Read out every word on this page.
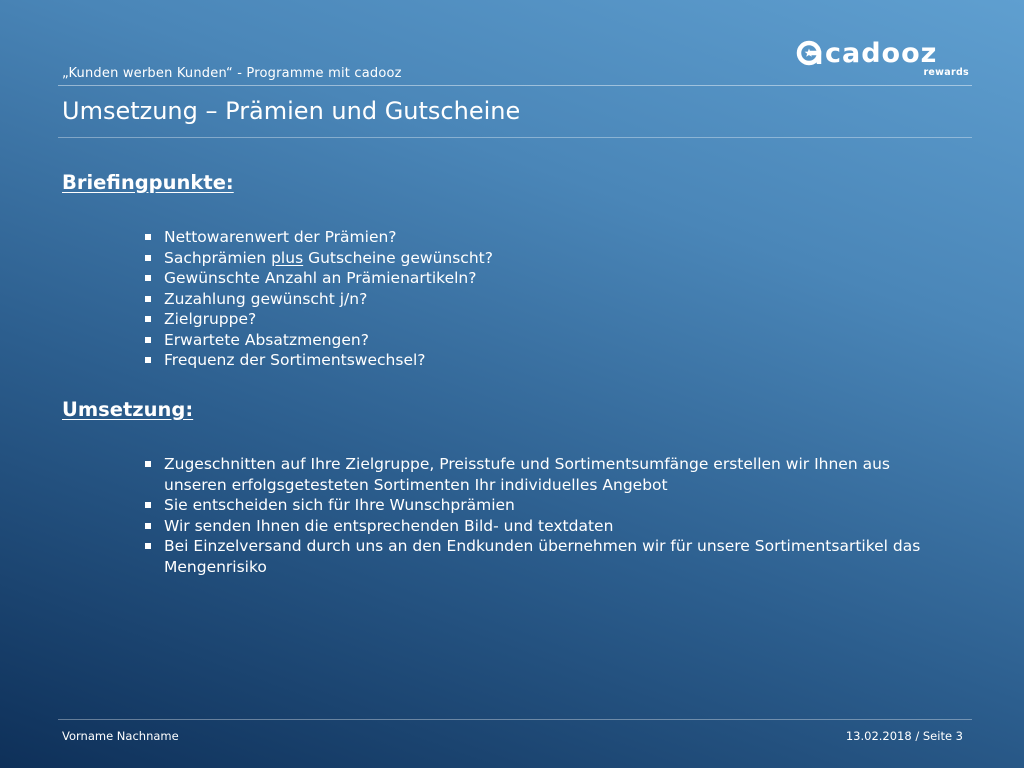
„Kunden werben Kunden“ - Programme mit cadooz
cadooz
rewards
Umsetzung – Prämien und Gutscheine
Briefingpunkte:
Nettowarenwert der Prämien?
Sachprämien plus Gutscheine gewünscht?
Gewünschte Anzahl an Prämienartikeln?
Zuzahlung gewünscht j/n?
Zielgruppe?
Erwartete Absatzmengen?
Frequenz der Sortimentswechsel?
Umsetzung:
Zugeschnitten auf Ihre Zielgruppe, Preisstufe und Sortimentsumfänge erstellen wir Ihnen aus unseren erfolgsgetesteten Sortimenten Ihr individuelles Angebot
Sie entscheiden sich für Ihre Wunschprämien
Wir senden Ihnen die entsprechenden Bild- und textdaten
Bei Einzelversand durch uns an den Endkunden übernehmen wir für unsere Sortimentsartikel das Mengenrisiko
Vorname Nachname	13.02.2018 / Seite 3
